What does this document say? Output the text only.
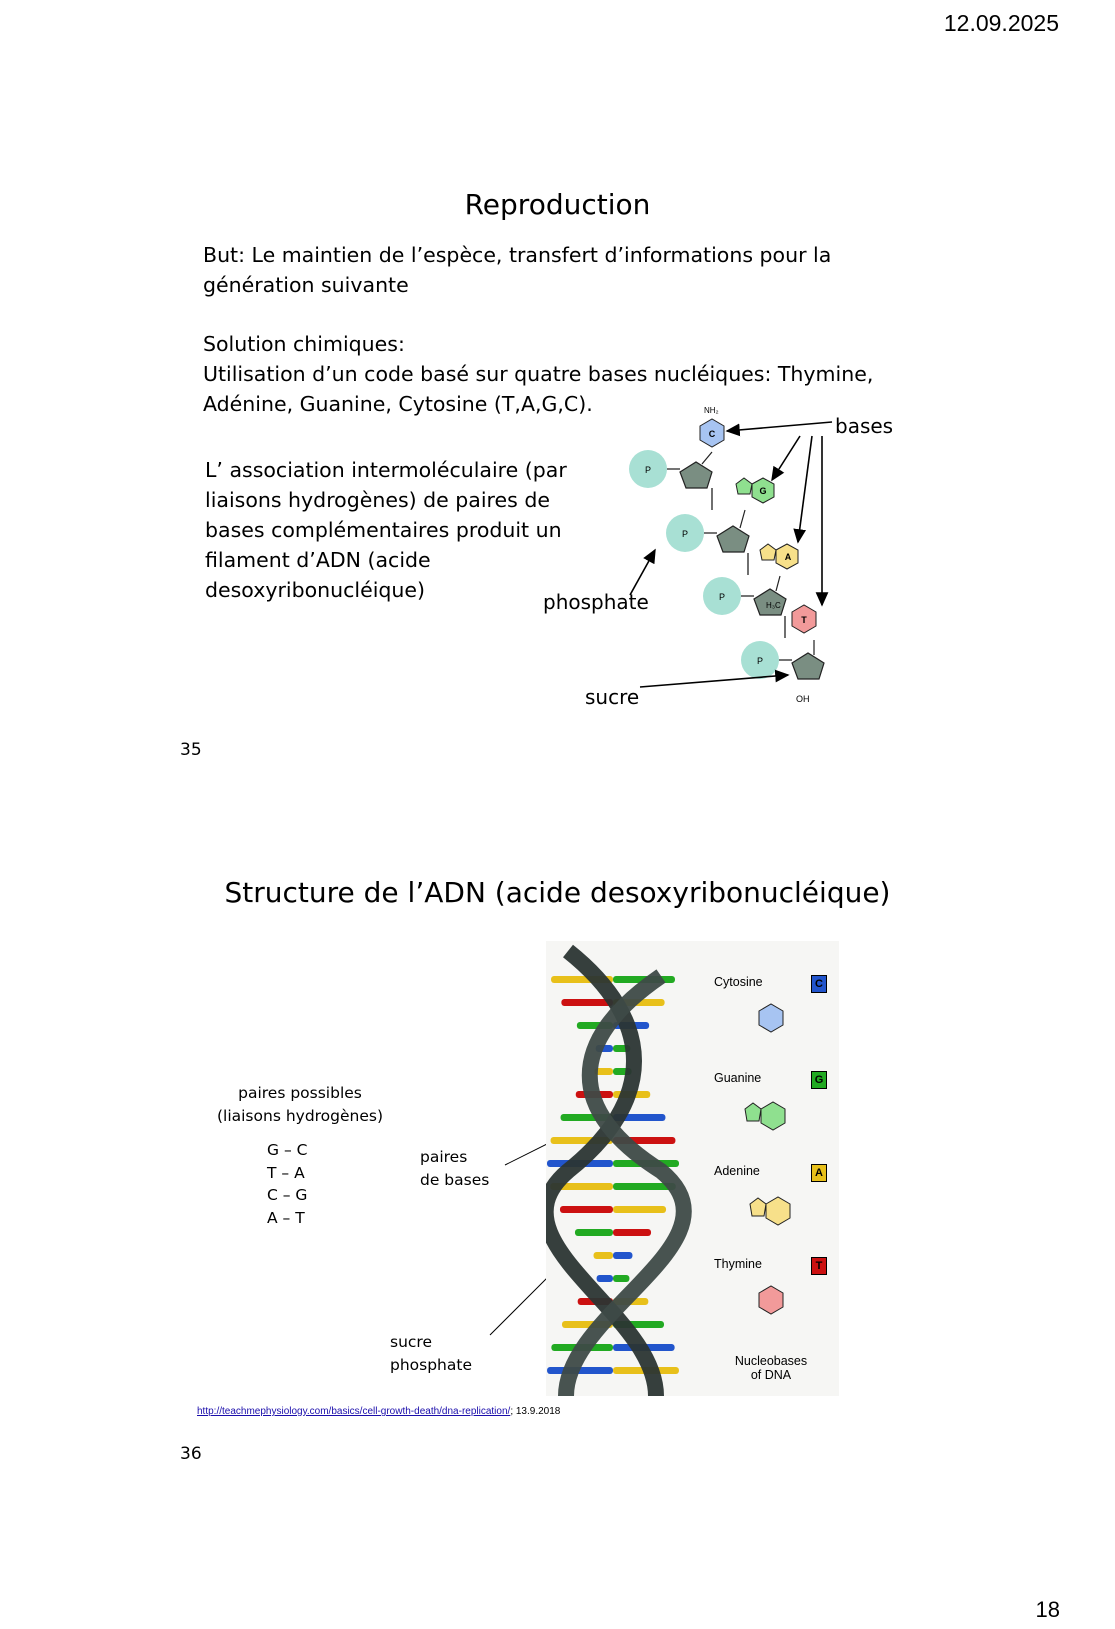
12.09.2025
18
Reproduction
But: Le maintien de l’espèce, transfert d’informations pour la
génération suivante
Solution chimiques:
Utilisation d’un code basé sur quatre bases nucléiques: Thymine,
Adénine, Guanine, Cytosine (T,A,G,C).
L’ association intermoléculaire (par
liaisons hydrogènes) de paires de
bases complémentaires produit un
filament d’ADN (acide
desoxyribonucléique)
bases
phosphate
sucre
P
P
P
P
OH
C
NH₂
G
A
T
H₃C
35
Structure de l’ADN (acide desoxyribonucléique)
paires possibles
(liaisons hydrogènes)
G – C
T – A
C – G
A – T
paires
de bases
sucre
phosphate
Cytosine	C
Guanine	G
Adenine	A
Thymine	T
Nucleobases
of DNA
http://teachmephysiology.com/basics/cell-growth-death/dna-replication/; 13.9.2018
36
